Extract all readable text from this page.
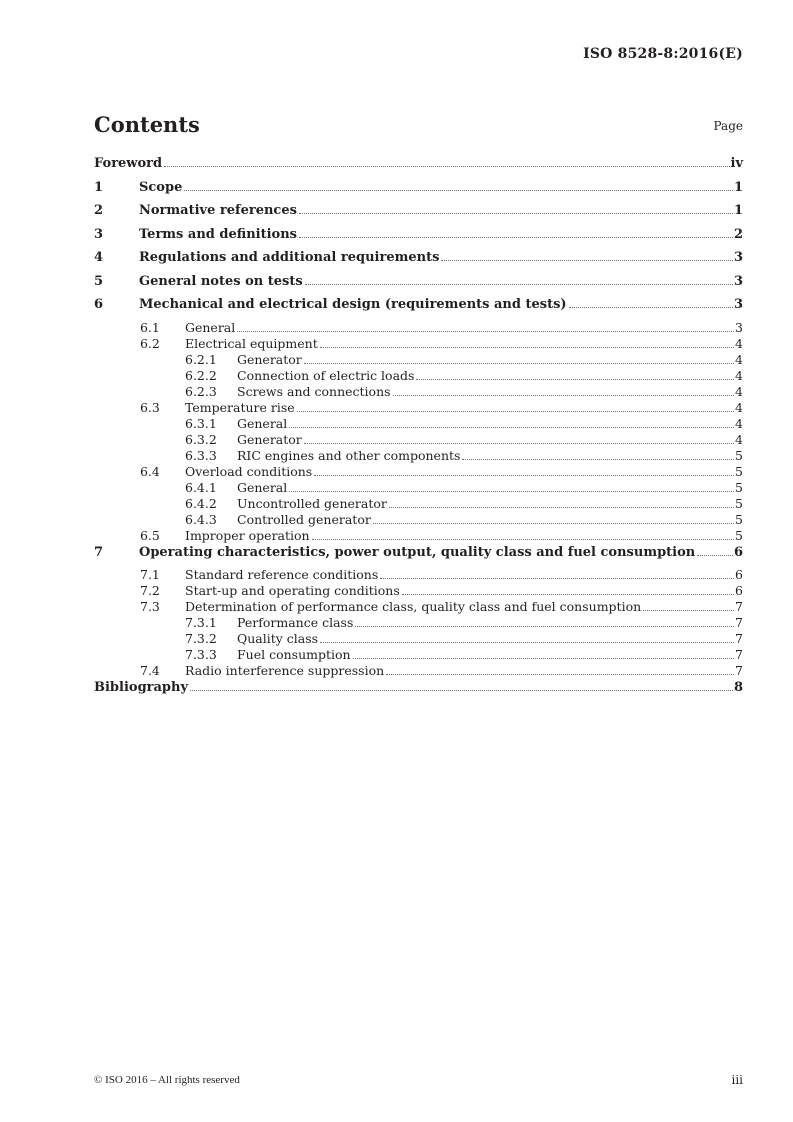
ISO 8528-8:2016(E)
Contents	Page
Foreword	iv
1	Scope	1
2	Normative references	1
3	Terms and definitions	2
4	Regulations and additional requirements	3
5	General notes on tests	3
6	Mechanical and electrical design (requirements and tests)	3
6.1 General	3
6.2 Electrical equipment	4
6.2.1 Generator	4
6.2.2 Connection of electric loads	4
6.2.3 Screws and connections	4
6.3 Temperature rise	4
6.3.1 General	4
6.3.2 Generator	4
6.3.3 RIC engines and other components	5
6.4 Overload conditions	5
6.4.1 General	5
6.4.2 Uncontrolled generator	5
6.4.3 Controlled generator	5
6.5 Improper operation	5
7	Operating characteristics, power output, quality class and fuel consumption	6
7.1 Standard reference conditions	6
7.2 Start-up and operating conditions	6
7.3 Determination of performance class, quality class and fuel consumption	7
7.3.1 Performance class	7
7.3.2 Quality class	7
7.3.3 Fuel consumption	7
7.4 Radio interference suppression	7
Bibliography	8
© ISO 2016 – All rights reserved	iii
